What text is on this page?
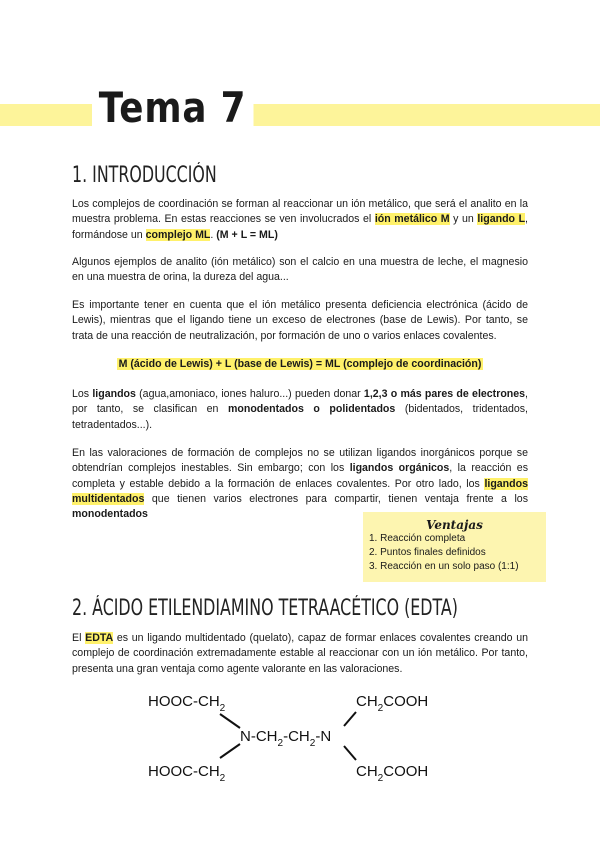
Tema 7
1. INTRODUCCIÓN
Los complejos de coordinación se forman al reaccionar un ión metálico, que será el analito en la muestra problema. En estas reacciones se ven involucrados el ión metálico M y un ligando L, formándose un complejo ML. (M + L = ML)
Algunos ejemplos de analito (ión metálico) son el calcio en una muestra de leche, el magnesio en una muestra de orina, la dureza del agua...
Es importante tener en cuenta que el ión metálico presenta deficiencia electrónica (ácido de Lewis), mientras que el ligando tiene un exceso de electrones (base de Lewis). Por tanto, se trata de una reacción de neutralización, por formación de uno o varios enlaces covalentes.
M (ácido de Lewis) + L (base de Lewis) = ML (complejo de coordinación)
Los ligandos (agua,amoniaco, iones haluro...) pueden donar 1,2,3 o más pares de electrones, por tanto, se clasifican en monodentados o polidentados (bidentados, tridentados, tetradentados...).
En las valoraciones de formación de complejos no se utilizan ligandos inorgánicos porque se obtendrían complejos inestables. Sin embargo; con los ligandos orgánicos, la reacción es completa y estable debido a la formación de enlaces covalentes. Por otro lado, los ligandos multidentados que tienen varios electrones para compartir, tienen ventaja frente a los monodentados
Ventajas
1. Reacción completa
2. Puntos finales definidos
3. Reacción en un solo paso (1:1)
2. ÁCIDO ETILENDIAMINO TETRAACÉTICO (EDTA)
El EDTA es un ligando multidentado (quelato), capaz de formar enlaces covalentes creando un complejo de coordinación extremadamente estable al reaccionar con un ión metálico. Por tanto, presenta una gran ventaja como agente valorante en las valoraciones.
HOOC-$CH_2$
HOOC-$CH_2$
$CH_2COOH$
$CH_2COOH$
$N-CH_2-CH_2-N$
